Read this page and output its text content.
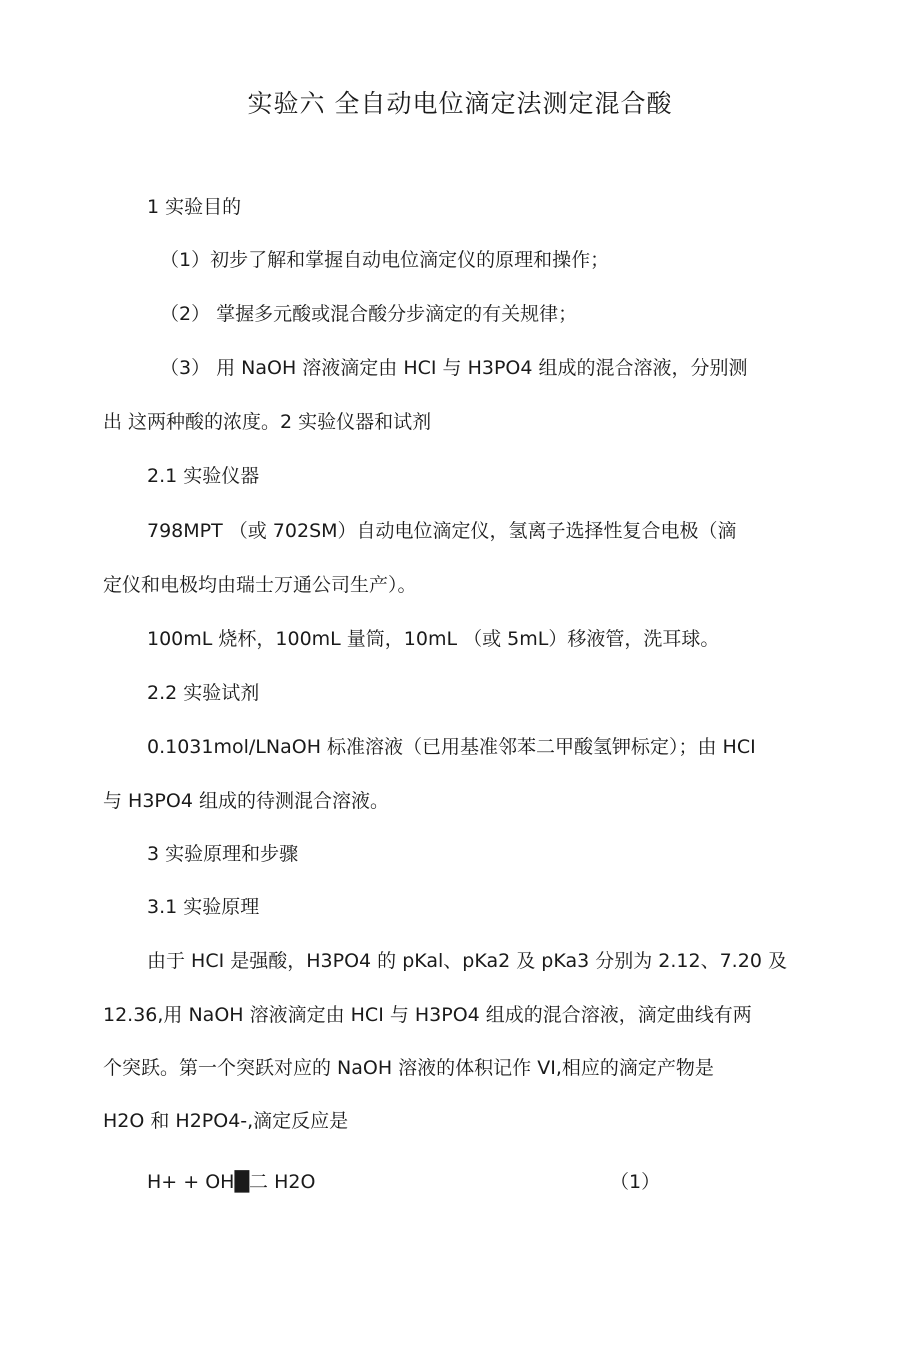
实验六 全自动电位滴定法测定混合酸
1 实验目的
（1）初步了解和掌握自动电位滴定仪的原理和操作；
（2） 掌握多元酸或混合酸分步滴定的有关规律；
（3） 用 NaOH 溶液滴定由 HCI 与 H3PO4 组成的混合溶液，分别测
出 这两种酸的浓度。2 实验仪器和试剂
2.1 实验仪器
798MPT （或 702SM）自动电位滴定仪，氢离子选择性复合电极（滴
定仪和电极均由瑞士万通公司生产）。
100mL 烧杯，100mL 量筒，10mL （或 5mL）移液管，洗耳球。
2.2 实验试剂
0.1031mol/LNaOH 标准溶液（已用基准邻苯二甲酸氢钾标定）；由 HCI
与 H3PO4 组成的待测混合溶液。
3 实验原理和步骤
3.1 实验原理
由于 HCI 是强酸，H3PO4 的 pKal、pKa2 及 pKa3 分别为 2.12、7.20 及
12.36,用 NaOH 溶液滴定由 HCI 与 H3PO4 组成的混合溶液，滴定曲线有两
个突跃。第一个突跃对应的 NaOH 溶液的体积记作 VI,相应的滴定产物是
H2O 和 H2PO4-,滴定反应是
H+ + OH█二 H2O	（1）
